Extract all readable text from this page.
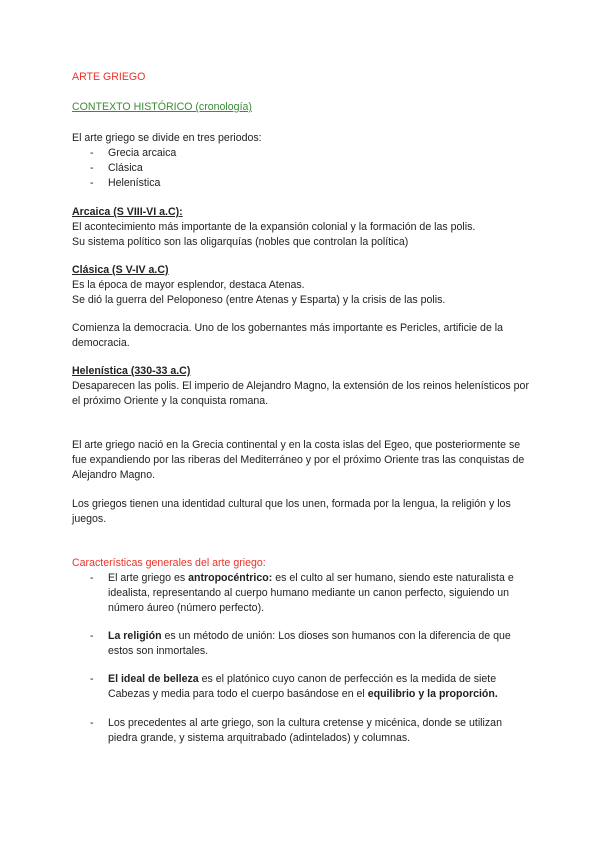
ARTE GRIEGO
CONTEXTO HISTÓRICO (cronología)
El arte griego se divide en tres periodos:
- Grecia arcaica
- Clásica
- Helenística
Arcaica (S VIII-VI a.C):
El acontecimiento más importante de la expansión colonial y la formación de las polis.
Su sistema político son las oligarquías (nobles que controlan la política)
Clásica (S V-IV a.C)
Es la época de mayor esplendor, destaca Atenas.
Se dió la guerra del Peloponeso (entre Atenas y Esparta) y la crisis de las polis.
Comienza la democracia. Uno de los gobernantes más importante es Pericles, artificie de la democracia.
Helenística (330-33 a.C)
Desaparecen las polis. El imperio de Alejandro Magno, la extensión de los reinos helenísticos por el próximo Oriente y la conquista romana.
El arte griego nació en la Grecia continental y en la costa islas del Egeo, que posteriormente se fue expandiendo por las riberas del Mediterráneo y por el próximo Oriente tras las conquistas de Alejandro Magno.
Los griegos tienen una identidad cultural que los unen, formada por la lengua, la religión y los juegos.
Características generales del arte griego:
- El arte griego es antropocéntrico: es el culto al ser humano, siendo este naturalista e idealista, representando al cuerpo humano mediante un canon perfecto, siguiendo un número áureo (número perfecto).
- La religión es un método de unión: Los dioses son humanos con la diferencia de que estos son inmortales.
- El ideal de belleza es el platónico cuyo canon de perfección es la medida de siete Cabezas y media para todo el cuerpo basándose en el equilibrio y la proporción.
- Los precedentes al arte griego, son la cultura cretense y micénica, donde se utilizan piedra grande, y sistema arquitrabado (adintelados) y columnas.
